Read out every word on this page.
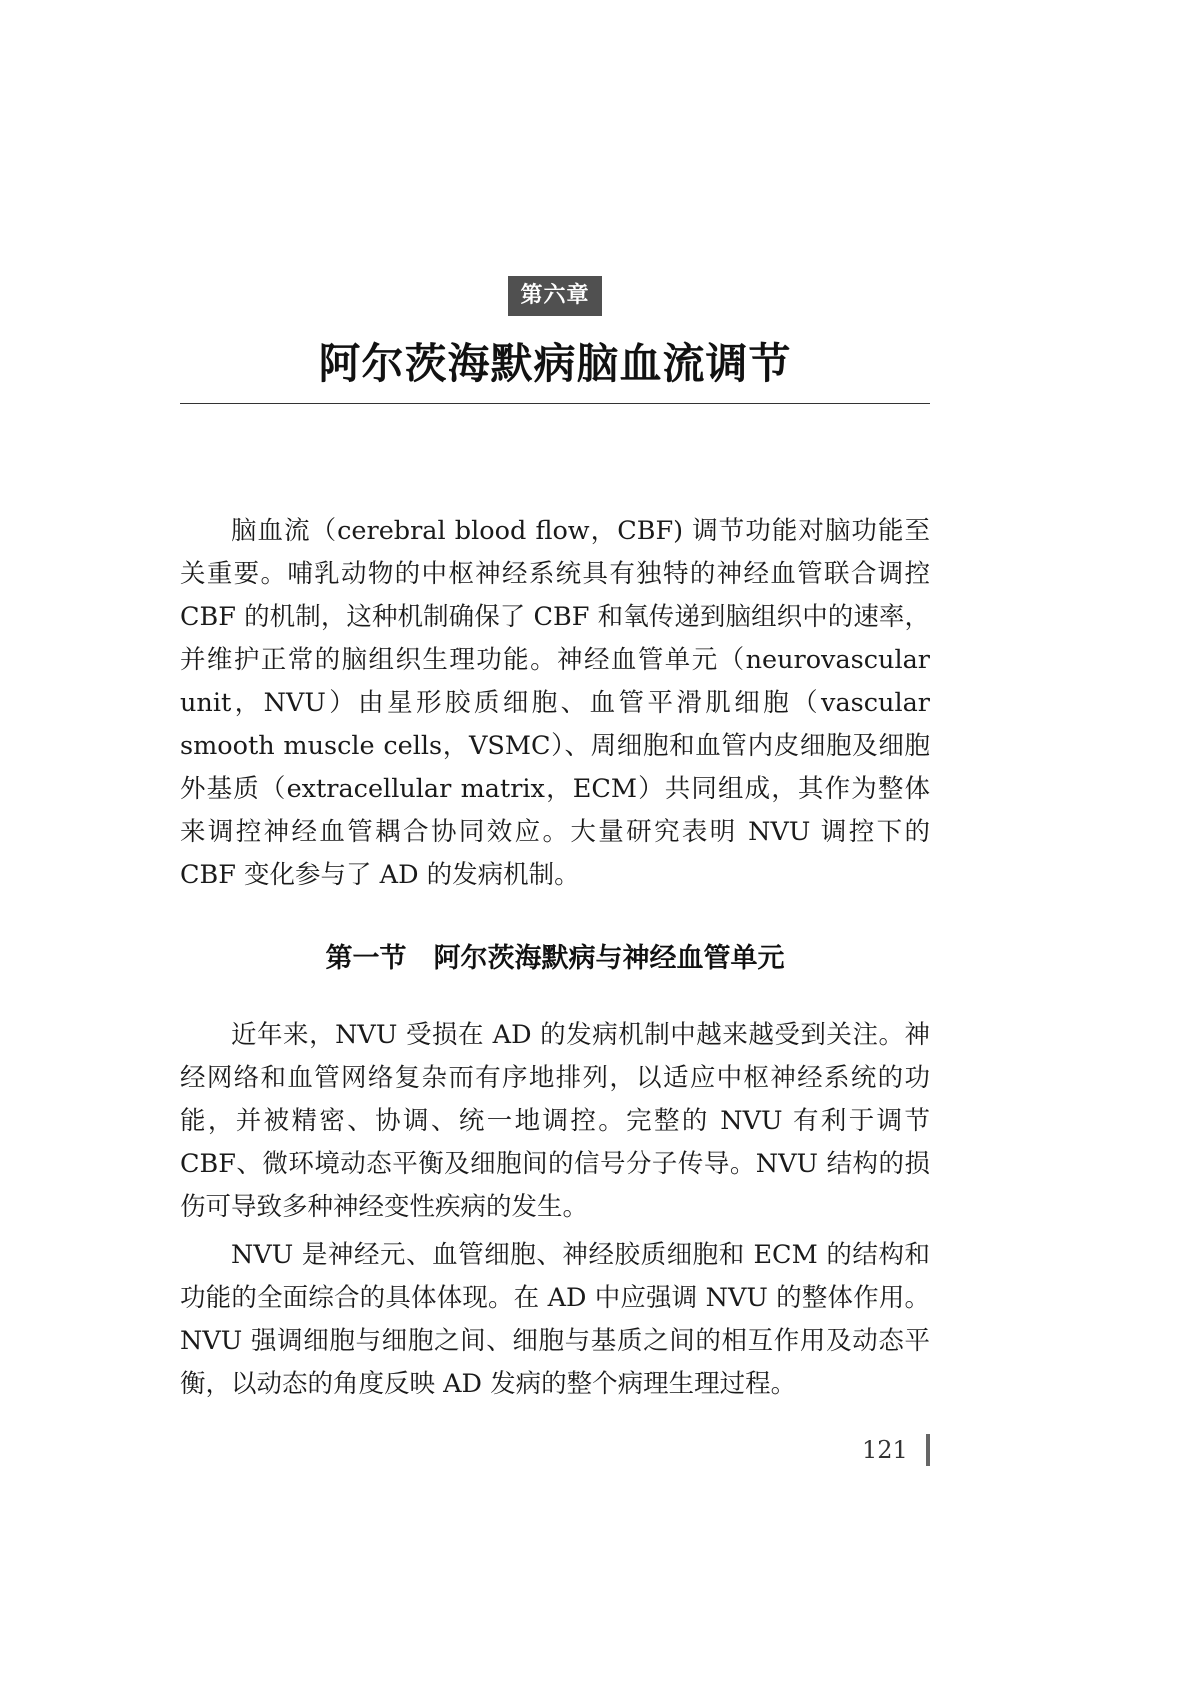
第六章
阿尔茨海默病脑血流调节

脑血流（cerebral blood flow，CBF) 调节功能对脑功能至关重要。哺乳动物的中枢神经系统具有独特的神经血管联合调控 CBF 的机制，这种机制确保了 CBF 和氧传递到脑组织中的速率，并维护正常的脑组织生理功能。神经血管单元（neurovascular unit，NVU）由星形胶质细胞、血管平滑肌细胞（vascular smooth muscle cells，VSMC）、周细胞和血管内皮细胞及细胞外基质（extracellular matrix，ECM）共同组成，其作为整体来调控神经血管耦合协同效应。大量研究表明 NVU 调控下的 CBF 变化参与了 AD 的发病机制。

第一节　阿尔茨海默病与神经血管单元

近年来，NVU 受损在 AD 的发病机制中越来越受到关注。神经网络和血管网络复杂而有序地排列，以适应中枢神经系统的功能，并被精密、协调、统一地调控。完整的 NVU 有利于调节 CBF、微环境动态平衡及细胞间的信号分子传导。NVU 结构的损伤可导致多种神经变性疾病的发生。

NVU 是神经元、血管细胞、神经胶质细胞和 ECM 的结构和功能的全面综合的具体体现。在 AD 中应强调 NVU 的整体作用。NVU 强调细胞与细胞之间、细胞与基质之间的相互作用及动态平衡，以动态的角度反映 AD 发病的整个病理生理过程。

121
